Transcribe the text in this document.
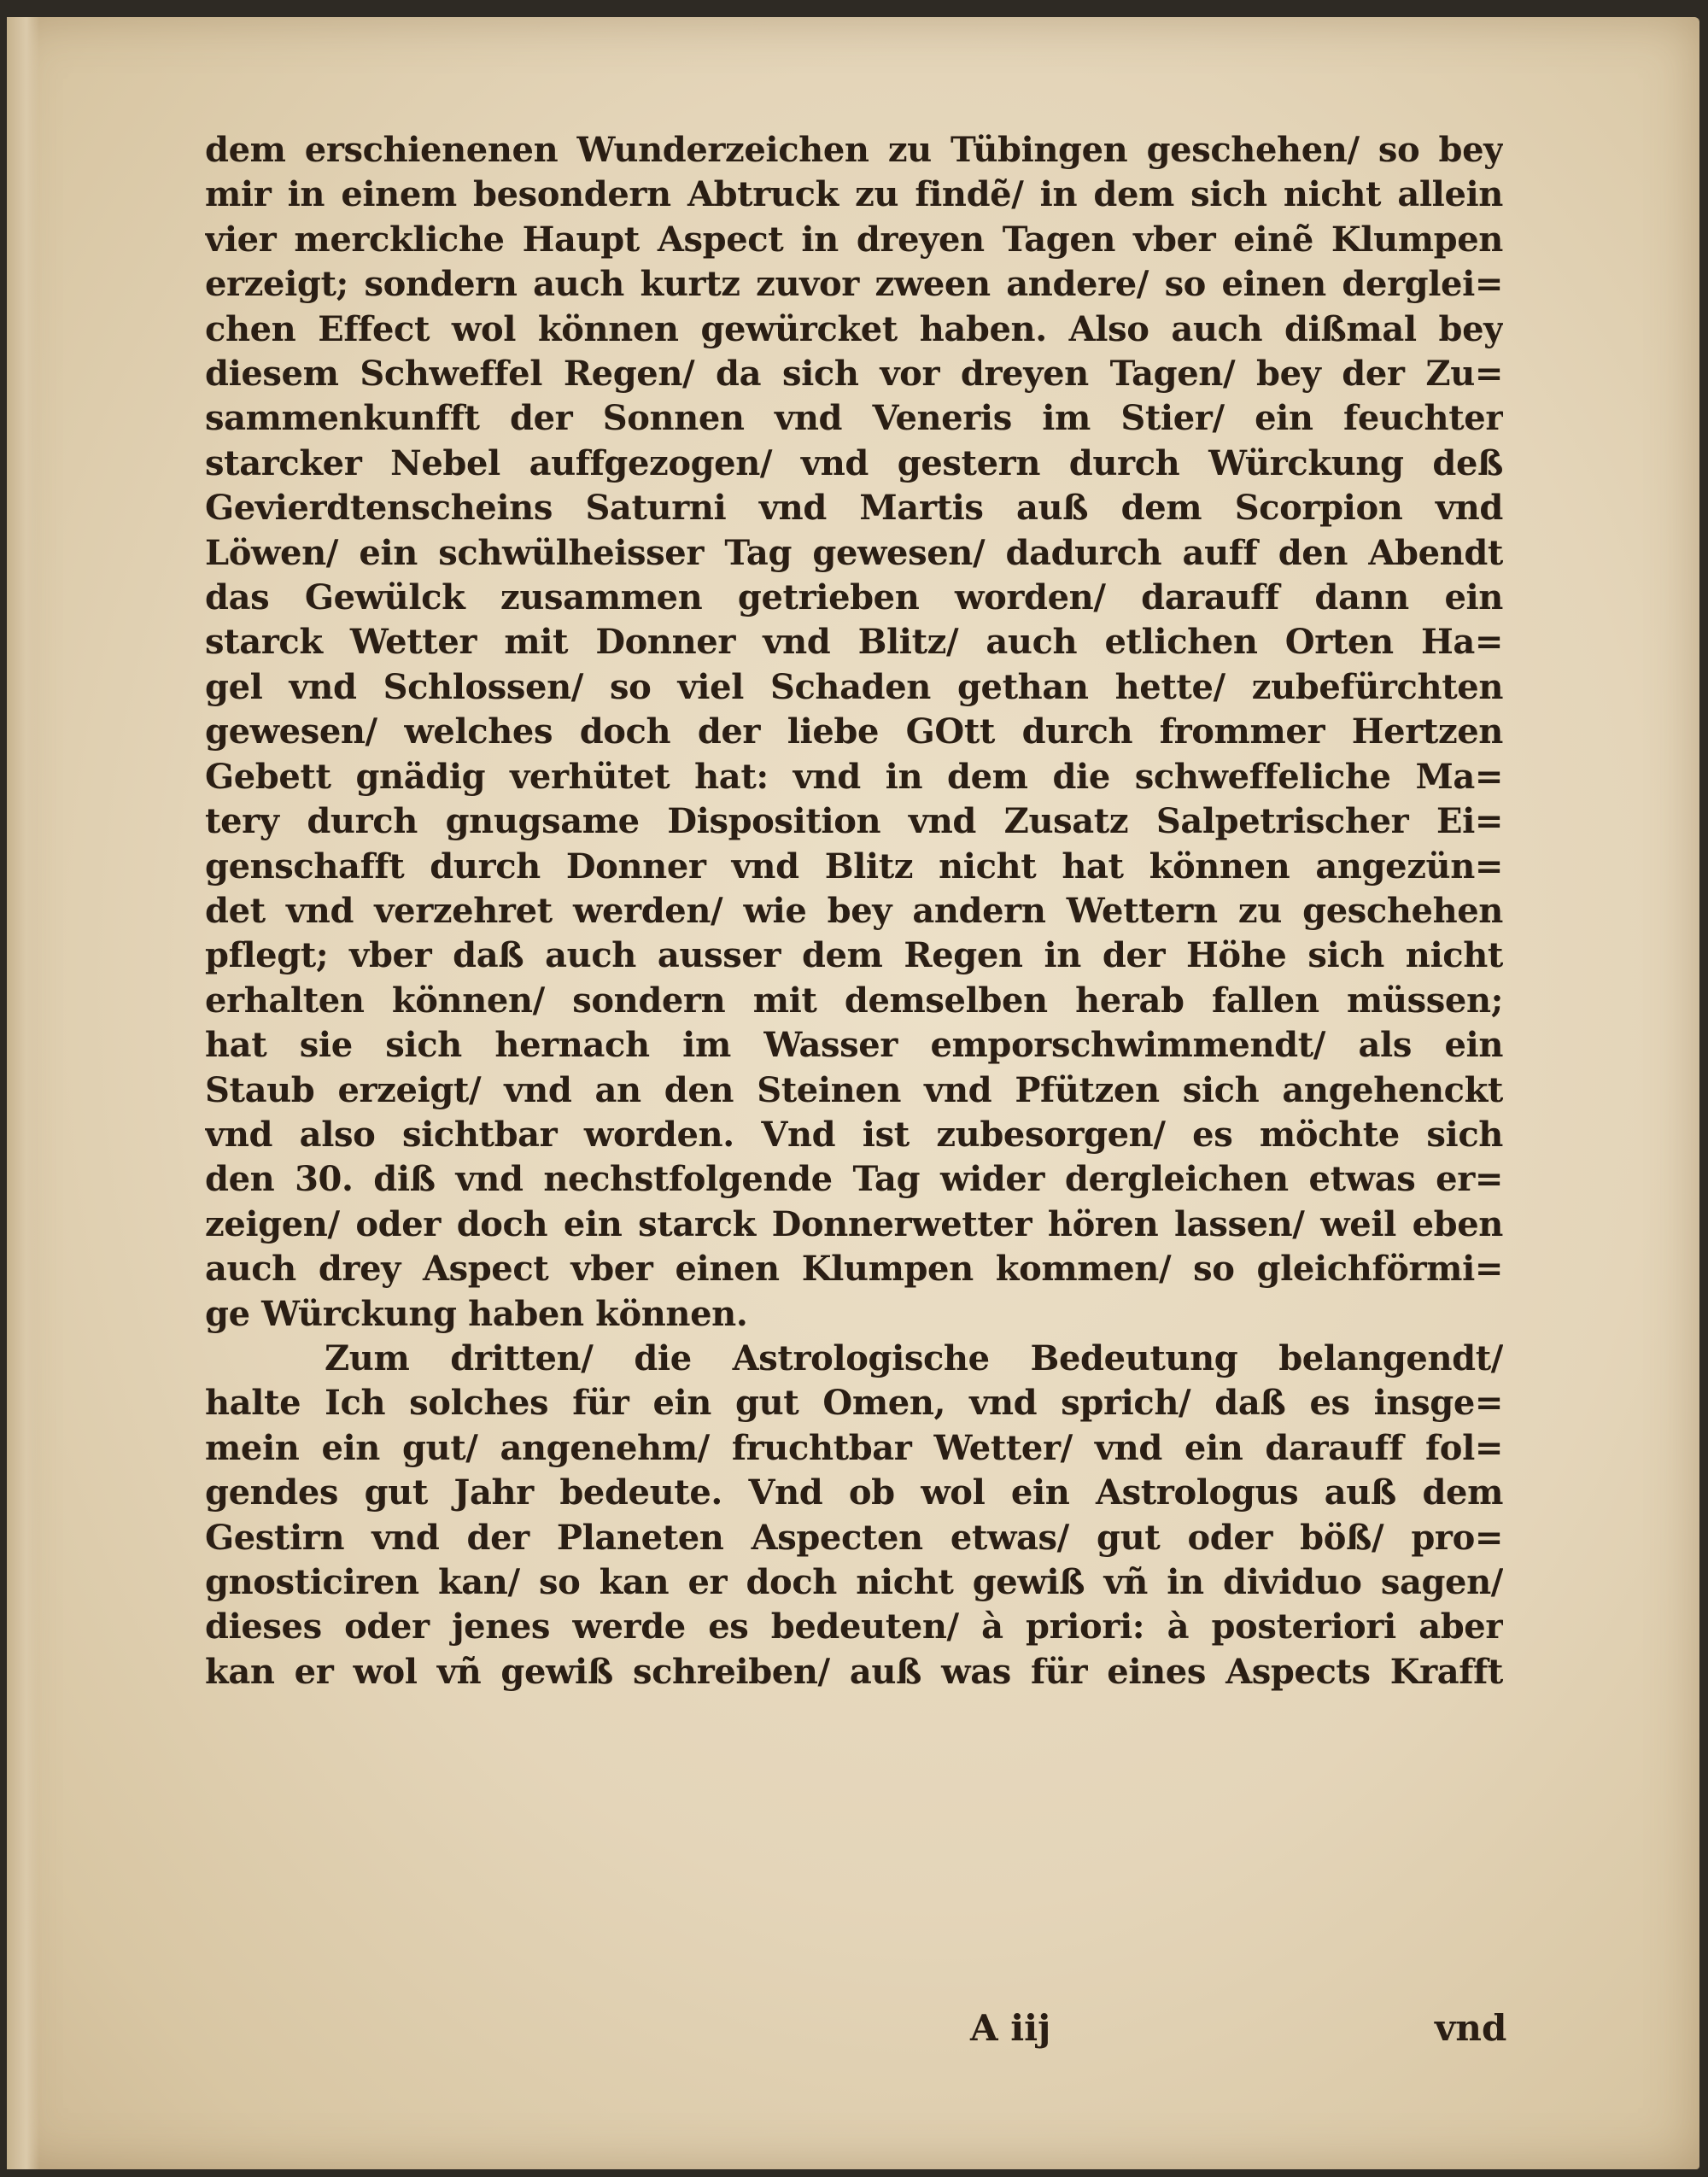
dem erschienenen Wunderzeichen zu Tübingen geschehen/ so bey
mir in einem besondern Abtruck zu findẽ/ in dem sich nicht allein
vier merckliche Haupt Aspect in dreyen Tagen vber einẽ Klumpen
erzeigt; sondern auch kurtz zuvor zween andere/ so einen derglei=
chen Effect wol können gewürcket haben. Also auch dißmal bey
diesem Schweffel Regen/ da sich vor dreyen Tagen/ bey der Zu=
sammenkunfft der Sonnen vnd Veneris im Stier/ ein feuchter
starcker Nebel auffgezogen/ vnd gestern durch Würckung deß
Gevierdtenscheins Saturni vnd Martis auß dem Scorpion vnd
Löwen/ ein schwülheisser Tag gewesen/ dadurch auff den Abendt
das Gewülck zusammen getrieben worden/ darauff dann ein
starck Wetter mit Donner vnd Blitz/ auch etlichen Orten Ha=
gel vnd Schlossen/ so viel Schaden gethan hette/ zubefürchten
gewesen/ welches doch der liebe GOtt durch frommer Hertzen
Gebett gnädig verhütet hat: vnd in dem die schweffeliche Ma=
tery durch gnugsame Disposition vnd Zusatz Salpetrischer Ei=
genschafft durch Donner vnd Blitz nicht hat können angezün=
det vnd verzehret werden/ wie bey andern Wettern zu geschehen
pflegt; vber daß auch ausser dem Regen in der Höhe sich nicht
erhalten können/ sondern mit demselben herab fallen müssen;
hat sie sich hernach im Wasser emporschwimmendt/ als ein
Staub erzeigt/ vnd an den Steinen vnd Pfützen sich angehenckt
vnd also sichtbar worden. Vnd ist zubesorgen/ es möchte sich
den 30. diß vnd nechstfolgende Tag wider dergleichen etwas er=
zeigen/ oder doch ein starck Donnerwetter hören lassen/ weil eben
auch drey Aspect vber einen Klumpen kommen/ so gleichförmi=
ge Würckung haben können.
Zum dritten/ die Astrologische Bedeutung belangendt/
halte Ich solches für ein gut Omen, vnd sprich/ daß es insge=
mein ein gut/ angenehm/ fruchtbar Wetter/ vnd ein darauff fol=
gendes gut Jahr bedeute. Vnd ob wol ein Astrologus auß dem
Gestirn vnd der Planeten Aspecten etwas/ gut oder böß/ pro=
gnosticiren kan/ so kan er doch nicht gewiß vñ in dividuo sagen/
dieses oder jenes werde es bedeuten/ à priori: à posteriori aber
kan er wol vñ gewiß schreiben/ auß was für eines Aspects Krafft
A iij	vnd
